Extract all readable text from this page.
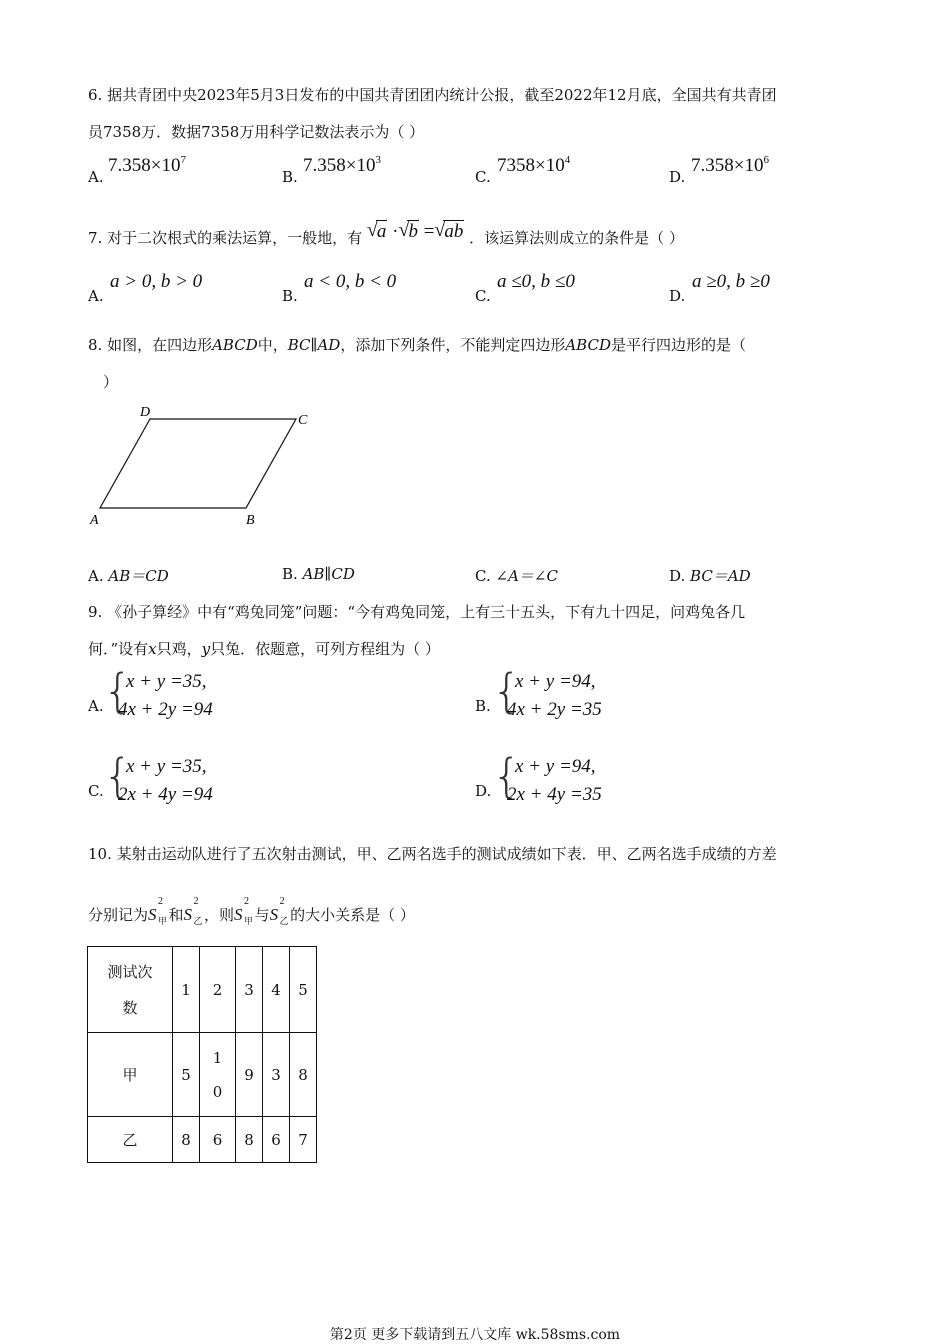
6. 据共青团中央2023年5月3日发布的中国共青团团内统计公报，截至2022年12月底，全国共有共青团
员7358万．数据7358万用科学记数法表示为（ ）
A.
$7.358\times 10^7$
B.
$7.358\times 10^3$
C.
$7358\times 10^4$
D.
$7.358\times 10^6$
7. 对于二次根式的乘法运算，一般地，有 √ a · √ b = √ ab ．该运算法则成立的条件是（ ）
A.
a > 0, b > 0
B.
a < 0, b < 0
C.
a ≤0, b ≤0
D.
a ≥0, b ≥0
8. 如图，在四边形ABCD中，BC∥AD，添加下列条件，不能判定四边形ABCD是平行四边形的是（
）
A	B
C
D
A. AB＝CD	B. AB∥CD	C. ∠A＝∠C	D. BC＝AD
9. 《孙子算经》中有“鸡兔同笼”问题：“今有鸡兔同笼，上有三十五头，下有九十四足，问鸡兔各几
何．”设有x只鸡，y只兔．依题意，可列方程组为（ ）
A. {
x + y =35,
4x + 2y =94	B. {
x + y =94,
4x + 2y =35
C. {
x + y =35,
2x + 4y =94	D. {
x + y =94,
2x + 4y =35
10. 某射击运动队进行了五次射击测试，甲、乙两名选手的测试成绩如下表．甲、乙两名选手成绩的方差
分别记为S
2
甲 和S
2
乙 ，则S
2
甲 与S
2
乙 的大小关系是（ ）
测试次
数	1	2	3	4	5
甲	5	1
0	9	3	8
乙	8	6	8	6	7
第2页 更多下载请到五八文库 wk.58sms.com
